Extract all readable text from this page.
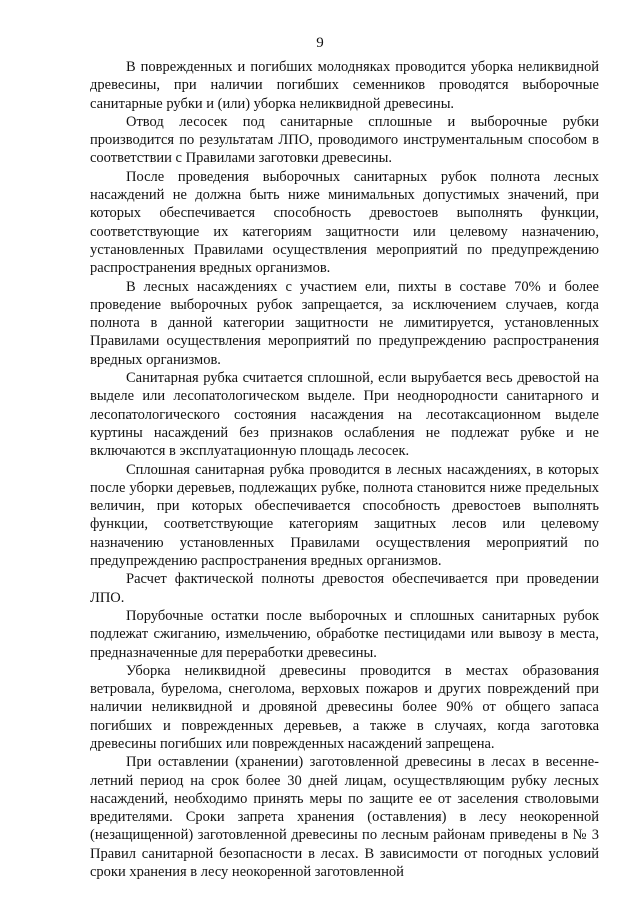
9

В поврежденных и погибших молодняках проводится уборка неликвидной древесины, при наличии погибших семенников проводятся выборочные санитарные рубки и (или) уборка неликвидной древесины.

Отвод лесосек под санитарные сплошные и выборочные рубки производится по результатам ЛПО, проводимого инструментальным способом в соответствии с Правилами заготовки древесины.

После проведения выборочных санитарных рубок полнота лесных насаждений не должна быть ниже минимальных допустимых значений, при которых обеспечивается способность древостоев выполнять функции, соответствующие их категориям защитности или целевому назначению, установленных Правилами осуществления мероприятий по предупреждению распространения вредных организмов.

В лесных насаждениях с участием ели, пихты в составе 70% и более проведение выборочных рубок запрещается, за исключением случаев, когда полнота в данной категории защитности не лимитируется, установленных Правилами осуществления мероприятий по предупреждению распространения вредных организмов.

Санитарная рубка считается сплошной, если вырубается весь древостой на выделе или лесопатологическом выделе. При неоднородности санитарного и лесопатологического состояния насаждения на лесотаксационном выделе куртины насаждений без признаков ослабления не подлежат рубке и не включаются в эксплуатационную площадь лесосек.

Сплошная санитарная рубка проводится в лесных насаждениях, в которых после уборки деревьев, подлежащих рубке, полнота становится ниже предельных величин, при которых обеспечивается способность древостоев выполнять функции, соответствующие категориям защитных лесов или целевому назначению установленных Правилами осуществления мероприятий по предупреждению распространения вредных организмов.

Расчет фактической полноты древостоя обеспечивается при проведении ЛПО.

Порубочные остатки после выборочных и сплошных санитарных рубок подлежат сжиганию, измельчению, обработке пестицидами или вывозу в места, предназначенные для переработки древесины.

Уборка неликвидной древесины проводится в местах образования ветровала, бурелома, снеголома, верховых пожаров и других повреждений при наличии неликвидной и дровяной древесины более 90% от общего запаса погибших и поврежденных деревьев, а также в случаях, когда заготовка древесины погибших или поврежденных насаждений запрещена.

При оставлении (хранении) заготовленной древесины в лесах в весенне-летний период на срок более 30 дней лицам, осуществляющим рубку лесных насаждений, необходимо принять меры по защите ее от заселения стволовыми вредителями. Сроки запрета хранения (оставления) в лесу неокоренной (незащищенной) заготовленной древесины по лесным районам приведены в № 3 Правил санитарной безопасности в лесах. В зависимости от погодных условий сроки хранения в лесу неокоренной заготовленной
